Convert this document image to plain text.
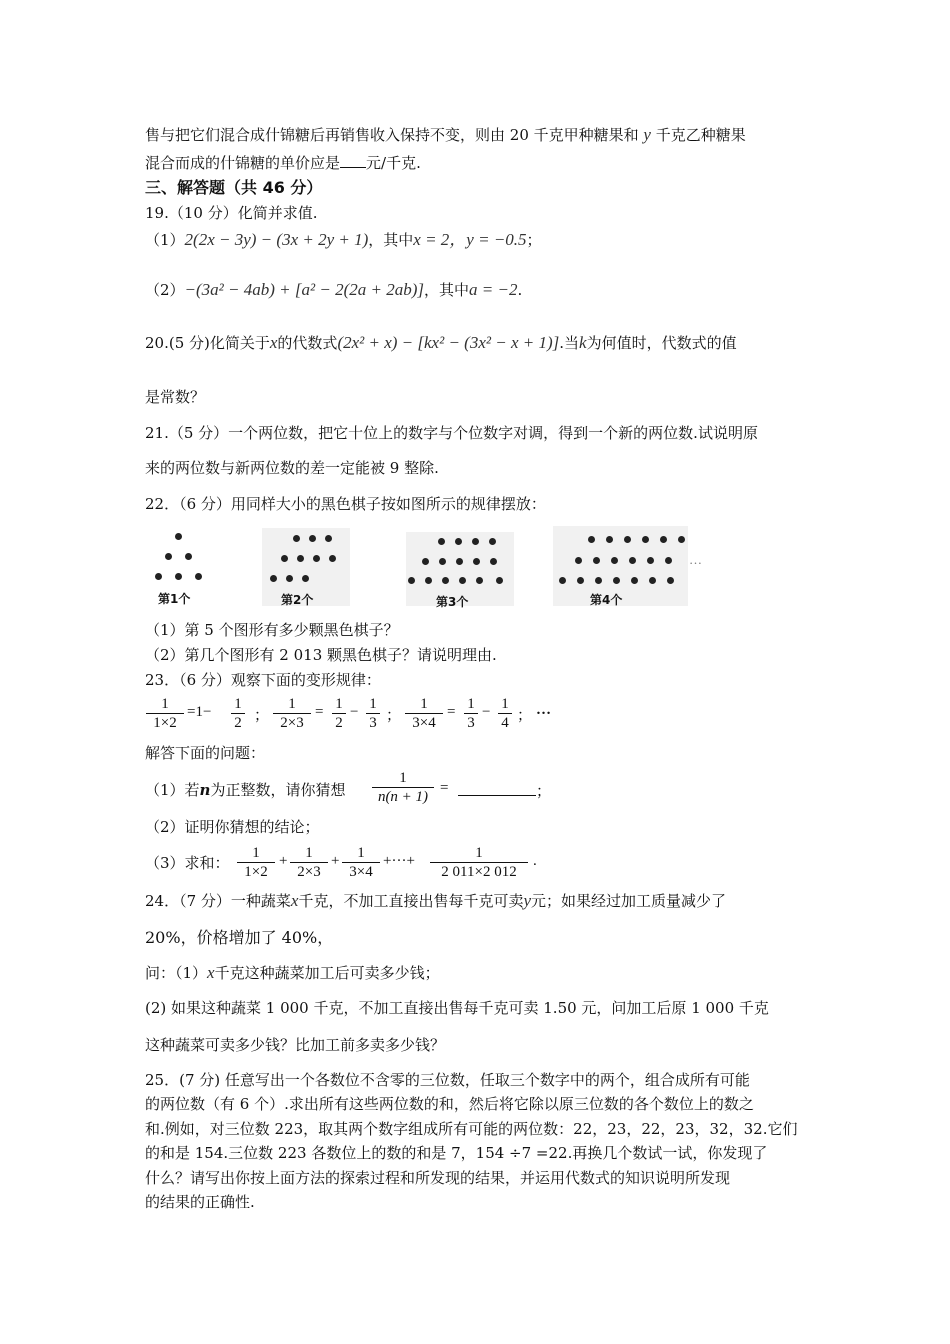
售与把它们混合成什锦糖后再销售收入保持不变，则由 20 千克甲种糖果和 y 千克乙种糖果
混合而成的什锦糖的单价应是 元/千克.
三、解答题（共 46 分）
19.（10 分）化简并求值.
（1）2(2x − 3y) − (3x + 2y + 1)，其中x = 2，y = −0.5；
（2）−(3a² − 4ab) + [a² − 2(2a + 2ab)]，其中a = −2.
20.(5 分)化简关于x的代数式(2x² + x) − [kx² − (3x² − x + 1)].当k为何值时，代数式的值
是常数？
21.（5 分）一个两位数，把它十位上的数字与个位数字对调，得到一个新的两位数.试说明原
来的两位数与新两位数的差一定能被 9 整除.
22．（6 分）用同样大小的黑色棋子按如图所示的规律摆放：
…
第1个	第2个	第3个	第4个
（1）第 5 个图形有多少颗黑色棋子？
（2）第几个图形有 2 013 颗黑色棋子？请说明理由.
23．（6 分）观察下面的变形规律：
1
1×2
=1− 1
2 ；
1
2×3
= 1
2
− 1
3 ；
1
3×4
= 1
3
− 1
4 ； …
解答下面的问题：
（1）若n为正整数，请你猜想
1
n(n + 1)
=	；
（2）证明你猜想的结论；
（3）求和：
1
1×2
+	1
2×3
+	1
3×4
+···+	1
2 011×2 012
.
24．（7 分）一种蔬菜x千克，不加工直接出售每千克可卖y元；如果经过加工质量减少了
20%，价格增加了 40%，
问：（1）x千克这种蔬菜加工后可卖多少钱；
(2) 如果这种蔬菜 1 000 千克，不加工直接出售每千克可卖 1.50 元，问加工后原 1 000 千克
这种蔬菜可卖多少钱？比加工前多卖多少钱？
25．(7 分) 任意写出一个各数位不含零的三位数，任取三个数字中的两个，组合成所有可能
的两位数（有 6 个）.求出所有这些两位数的和，然后将它除以原三位数的各个数位上的数之
和.例如，对三位数 223，取其两个数字组成所有可能的两位数：22，23，22，23，32，32.它们
的和是 154.三位数 223 各数位上的数的和是 7，154 ÷7 =22.再换几个数试一试，你发现了
什么？请写出你按上面方法的探索过程和所发现的结果，并运用代数式的知识说明所发现
的结果的正确性.
